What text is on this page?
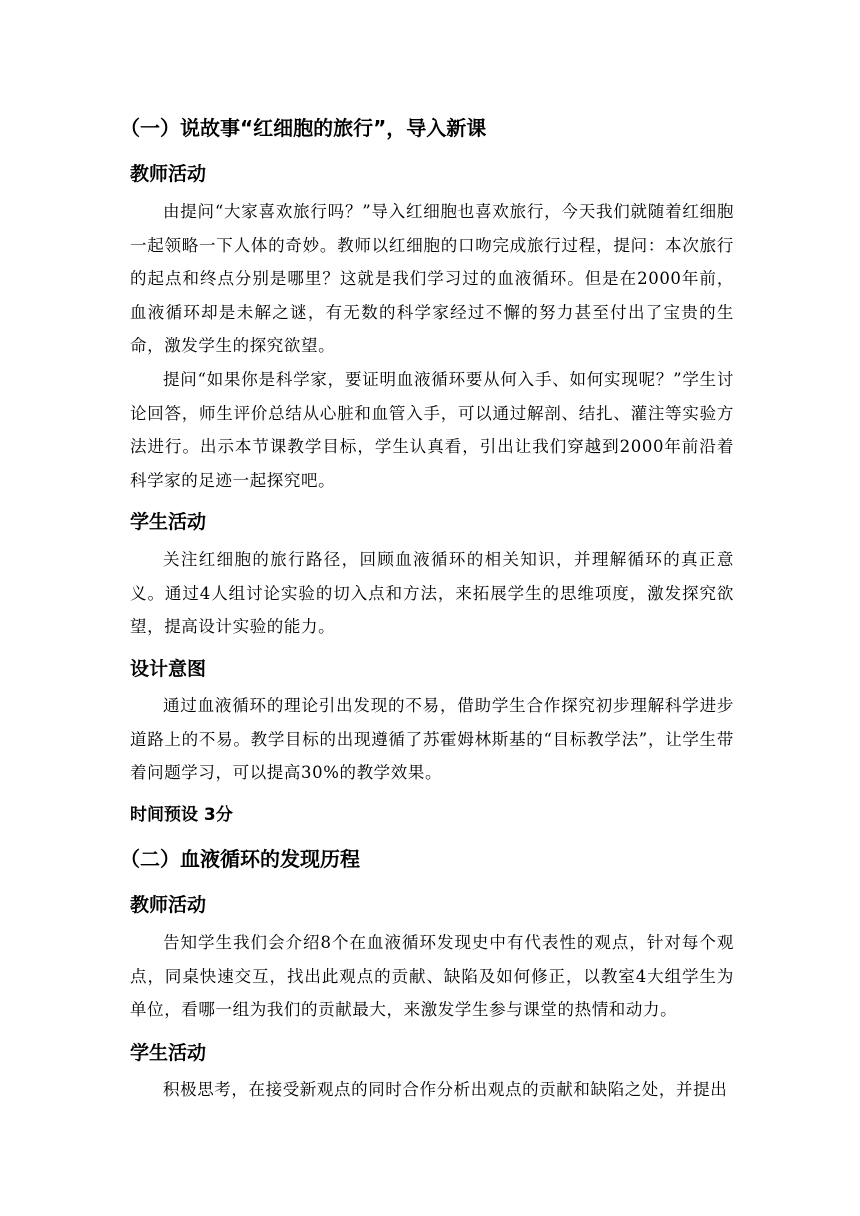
（一）说故事“红细胞的旅行”，导入新课
教师活动
由提问“大家喜欢旅行吗？”导入红细胞也喜欢旅行，今天我们就随着红细胞一起领略一下人体的奇妙。教师以红细胞的口吻完成旅行过程，提问：本次旅行的起点和终点分别是哪里？这就是我们学习过的血液循环。但是在2000年前，血液循环却是未解之谜，有无数的科学家经过不懈的努力甚至付出了宝贵的生命，激发学生的探究欲望。
提问“如果你是科学家，要证明血液循环要从何入手、如何实现呢？”学生讨论回答，师生评价总结从心脏和血管入手，可以通过解剖、结扎、灌注等实验方法进行。出示本节课教学目标，学生认真看，引出让我们穿越到2000年前沿着科学家的足迹一起探究吧。
学生活动
关注红细胞的旅行路径，回顾血液循环的相关知识，并理解循环的真正意义。通过4人组讨论实验的切入点和方法，来拓展学生的思维项度，激发探究欲望，提高设计实验的能力。
设计意图
通过血液循环的理论引出发现的不易，借助学生合作探究初步理解科学进步道路上的不易。教学目标的出现遵循了苏霍姆林斯基的“目标教学法”，让学生带着问题学习，可以提高30%的教学效果。
时间预设 3分
（二）血液循环的发现历程
教师活动
告知学生我们会介绍8个在血液循环发现史中有代表性的观点，针对每个观点，同桌快速交互，找出此观点的贡献、缺陷及如何修正，以教室4大组学生为单位，看哪一组为我们的贡献最大，来激发学生参与课堂的热情和动力。
学生活动
积极思考，在接受新观点的同时合作分析出观点的贡献和缺陷之处，并提出
